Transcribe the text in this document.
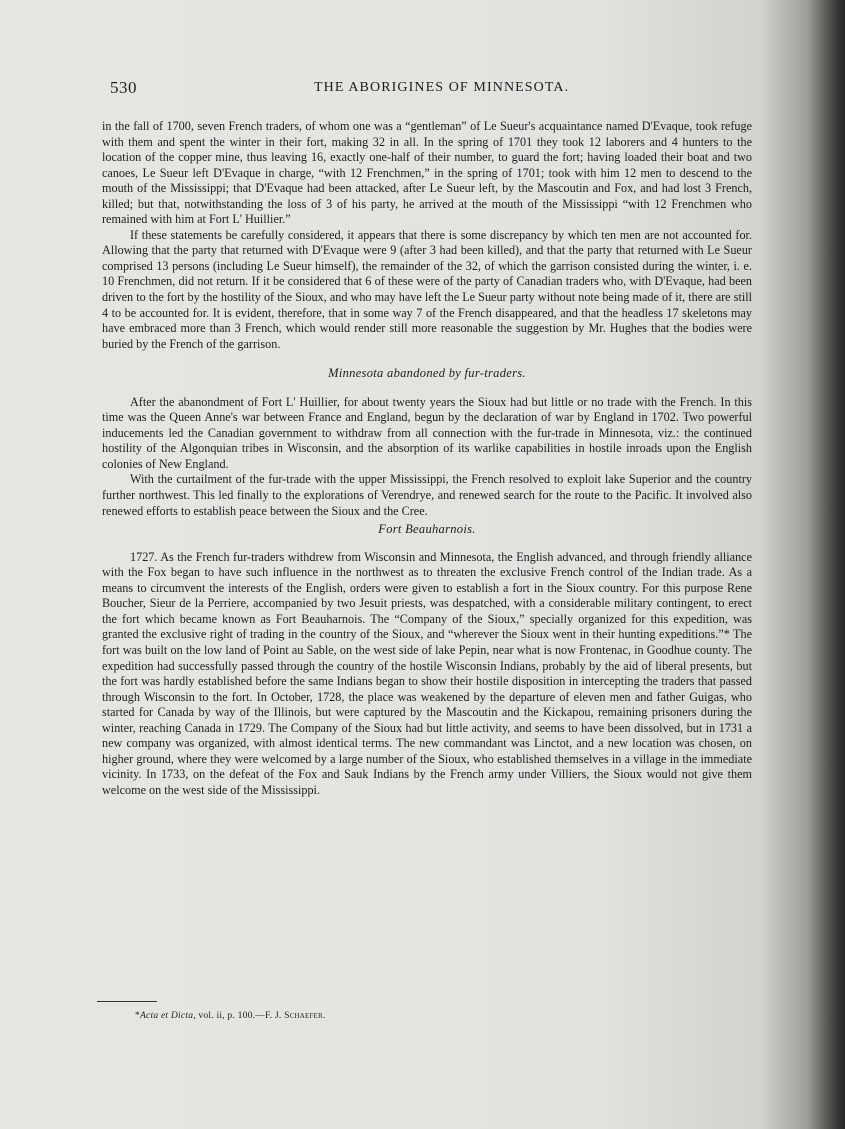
530	THE ABORIGINES OF MINNESOTA.

in the fall of 1700, seven French traders, of whom one was a “gentleman” of Le Sueur's acquaintance named D'Evaque, took refuge with them and spent the winter in their fort, making 32 in all. In the spring of 1701 they took 12 laborers and 4 hunters to the location of the copper mine, thus leaving 16, exactly one-half of their number, to guard the fort; having loaded their boat and two canoes, Le Sueur left D'Evaque in charge, “with 12 Frenchmen,” in the spring of 1701; took with him 12 men to descend to the mouth of the Mississippi; that D'Evaque had been attacked, after Le Sueur left, by the Mascoutin and Fox, and had lost 3 French, killed; but that, notwithstanding the loss of 3 of his party, he arrived at the mouth of the Mississippi “with 12 Frenchmen who remained with him at Fort L' Huillier.”

If these statements be carefully considered, it appears that there is some discrepancy by which ten men are not accounted for. Allowing that the party that returned with D'Evaque were 9 (after 3 had been killed), and that the party that returned with Le Sueur comprised 13 persons (including Le Sueur himself), the remainder of the 32, of which the garrison consisted during the winter, i. e. 10 Frenchmen, did not return. If it be considered that 6 of these were of the party of Canadian traders who, with D'Evaque, had been driven to the fort by the hostility of the Sioux, and who may have left the Le Sueur party without note being made of it, there are still 4 to be accounted for. It is evident, therefore, that in some way 7 of the French disappeared, and that the headless 17 skeletons may have embraced more than 3 French, which would render still more reasonable the suggestion by Mr. Hughes that the bodies were buried by the French of the garrison.

Minnesota abandoned by fur-traders.

After the abanondment of Fort L' Huillier, for about twenty years the Sioux had but little or no trade with the French. In this time was the Queen Anne's war between France and England, begun by the declaration of war by England in 1702. Two powerful inducements led the Canadian government to withdraw from all connection with the fur-trade in Minnesota, viz.: the continued hostility of the Algonquian tribes in Wisconsin, and the absorption of its warlike capabilities in hostile inroads upon the English colonies of New England.

With the curtailment of the fur-trade with the upper Mississippi, the French resolved to exploit lake Superior and the country further northwest. This led finally to the explorations of Verendrye, and renewed search for the route to the Pacific. It involved also renewed efforts to establish peace between the Sioux and the Cree.

Fort Beauharnois.

1727. As the French fur-traders withdrew from Wisconsin and Minnesota, the English advanced, and through friendly alliance with the Fox began to have such influence in the northwest as to threaten the exclusive French control of the Indian trade. As a means to circumvent the interests of the English, orders were given to establish a fort in the Sioux country. For this purpose Rene Boucher, Sieur de la Perriere, accompanied by two Jesuit priests, was despatched, with a considerable military contingent, to erect the fort which became known as Fort Beauharnois. The “Company of the Sioux,” specially organized for this expedition, was granted the exclusive right of trading in the country of the Sioux, and “wherever the Sioux went in their hunting expeditions.”* The fort was built on the low land of Point au Sable, on the west side of lake Pepin, near what is now Frontenac, in Goodhue county. The expedition had successfully passed through the country of the hostile Wisconsin Indians, probably by the aid of liberal presents, but the fort was hardly established before the same Indians began to show their hostile disposition in intercepting the traders that passed through Wisconsin to the fort. In October, 1728, the place was weakened by the departure of eleven men and father Guigas, who started for Canada by way of the Illinois, but were captured by the Mascoutin and the Kickapou, remaining prisoners during the winter, reaching Canada in 1729. The Company of the Sioux had but little activity, and seems to have been dissolved, but in 1731 a new company was organized, with almost identical terms. The new commandant was Linctot, and a new location was chosen, on higher ground, where they were welcomed by a large number of the Sioux, who established themselves in a village in the immediate vicinity. In 1733, on the defeat of the Fox and Sauk Indians by the French army under Villiers, the Sioux would not give them welcome on the west side of the Mississippi.

*Acta et Dicta, vol. ii, p. 100.—F. J. Schaefer.
